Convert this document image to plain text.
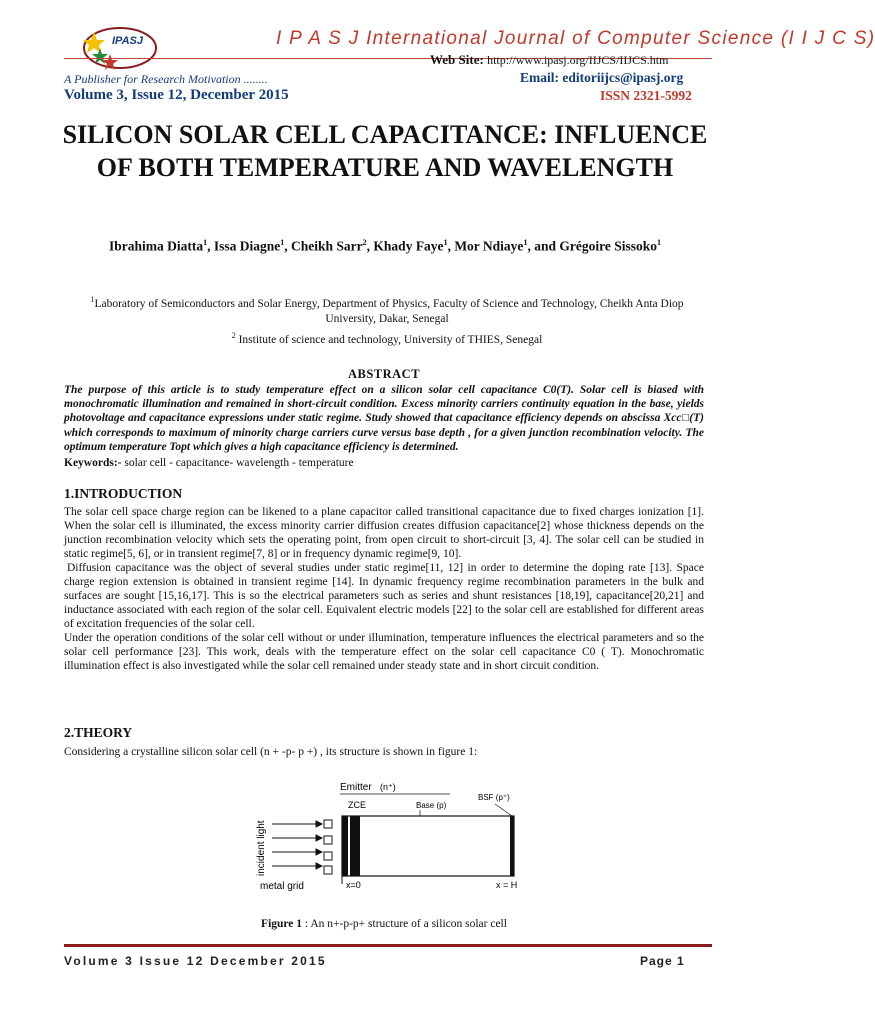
IPASJ	I P A S J International Journal of Computer Science (I I J C S)
Web Site: http://www.ipasj.org/IIJCS/IIJCS.htm
A Publisher for Research Motivation ........	Email: editoriijcs@ipasj.org
Volume 3, Issue 12, December 2015	ISSN 2321-5992
SILICON SOLAR CELL CAPACITANCE: INFLUENCE OF BOTH TEMPERATURE AND WAVELENGTH
Ibrahima Diatta$^1$, Issa Diagne$^1$, Cheikh Sarr$^2$, Khady Faye$^1$, Mor Ndiaye$^1$, and Grégoire Sissoko$^1$
$^1$Laboratory of Semiconductors and Solar Energy, Department of Physics, Faculty of Science and Technology, Cheikh Anta Diop University, Dakar, Senegal
$^2$ Institute of science and technology, University of THIES, Senegal
ABSTRACT
The purpose of this article is to study temperature effect on a silicon solar cell capacitance C0(T). Solar cell is biased with monochromatic illumination and remained in short-circuit condition. Excess minority carriers continuity equation in the base, yields photovoltage and capacitance expressions under static regime. Study showed that capacitance efficiency depends on abscissa Xcc□(T) which corresponds to maximum of minority charge carriers curve versus base depth , for a given junction recombination velocity. The optimum temperature Topt which gives a high capacitance efficiency is determined.
Keywords:- solar cell - capacitance- wavelength - temperature
1.INTRODUCTION

The solar cell space charge region can be likened to a plane capacitor called transitional capacitance due to fixed charges ionization [1]. When the solar cell is illuminated, the excess minority carrier diffusion creates diffusion capacitance[2] whose thickness depends on the junction recombination velocity which sets the operating point, from open circuit to short-circuit [3, 4]. The solar cell can be studied in static regime[5, 6], or in transient regime[7, 8] or in frequency dynamic regime[9, 10].

Diffusion capacitance was the object of several studies under static regime[11, 12] in order to determine the doping rate [13]. Space charge region extension is obtained in transient regime [14]. In dynamic frequency regime recombination parameters in the bulk and surfaces are sought [15,16,17]. This is so the electrical parameters such as series and shunt resistances [18,19], capacitance[20,21] and inductance associated with each region of the solar cell. Equivalent electric models [22] to the solar cell are established for different areas of excitation frequencies of the solar cell.

Under the operation conditions of the solar cell without or under illumination, temperature influences the electrical parameters and so the solar cell performance [23]. This work, deals with the temperature effect on the solar cell capacitance C0 ( T). Monochromatic illumination effect is also investigated while the solar cell remained under steady state and in short circuit condition.

2.THEORY
Considering a crystalline silicon solar cell (n + -p- p +) , its structure is shown in figure 1:
Emitter (n⁺)
ZCE	Base (p)
BSF (p⁺)
incident light
metal grid	x=0	x = H
Figure 1 : An n+-p-p+ structure of a silicon solar cell
Volume 3 Issue 12 December 2015	Page 1
